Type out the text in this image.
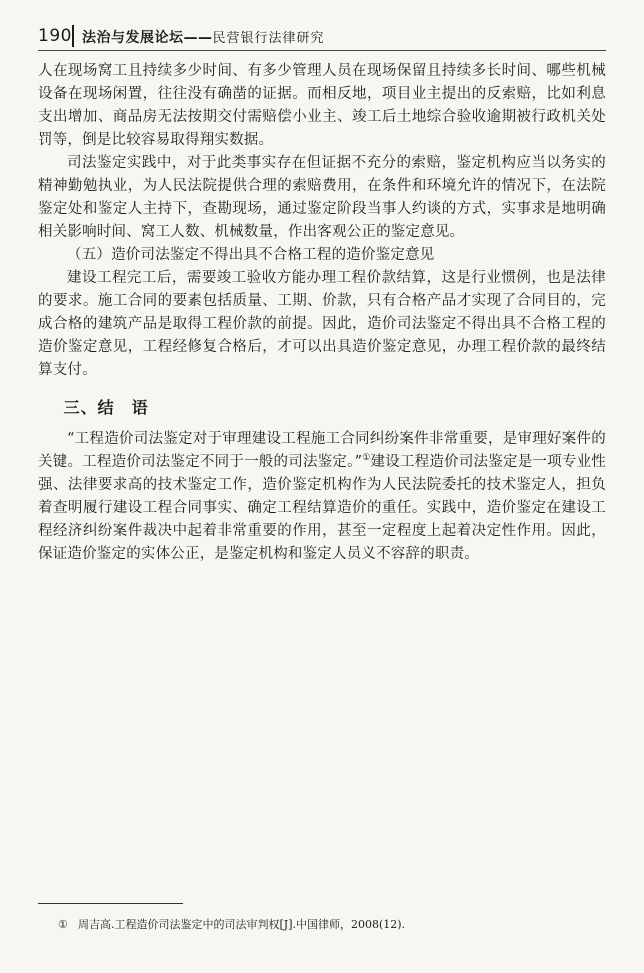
190 法治与发展论坛——民营银行法律研究

人在现场窝工且持续多少时间、有多少管理人员在现场保留且持续多长时间、哪些机械设备在现场闲置，往往没有确凿的证据。而相反地，项目业主提出的反索赔，比如利息支出增加、商品房无法按期交付需赔偿小业主、竣工后土地综合验收逾期被行政机关处罚等，倒是比较容易取得翔实数据。

司法鉴定实践中，对于此类事实存在但证据不充分的索赔，鉴定机构应当以务实的精神勤勉执业，为人民法院提供合理的索赔费用，在条件和环境允许的情况下，在法院鉴定处和鉴定人主持下，查勘现场，通过鉴定阶段当事人约谈的方式，实事求是地明确相关影响时间、窝工人数、机械数量，作出客观公正的鉴定意见。

（五）造价司法鉴定不得出具不合格工程的造价鉴定意见

建设工程完工后，需要竣工验收方能办理工程价款结算，这是行业惯例，也是法律的要求。施工合同的要素包括质量、工期、价款，只有合格产品才实现了合同目的，完成合格的建筑产品是取得工程价款的前提。因此，造价司法鉴定不得出具不合格工程的造价鉴定意见，工程经修复合格后，才可以出具造价鉴定意见，办理工程价款的最终结算支付。

三、结　语

“工程造价司法鉴定对于审理建设工程施工合同纠纷案件非常重要，是审理好案件的关键。工程造价司法鉴定不同于一般的司法鉴定。”①建设工程造价司法鉴定是一项专业性强、法律要求高的技术鉴定工作，造价鉴定机构作为人民法院委托的技术鉴定人，担负着查明履行建设工程合同事实、确定工程结算造价的重任。实践中，造价鉴定在建设工程经济纠纷案件裁决中起着非常重要的作用，甚至一定程度上起着决定性作用。因此，保证造价鉴定的实体公正，是鉴定机构和鉴定人员义不容辞的职责。

① 周吉高.工程造价司法鉴定中的司法审判权[J].中国律师，2008(12).
